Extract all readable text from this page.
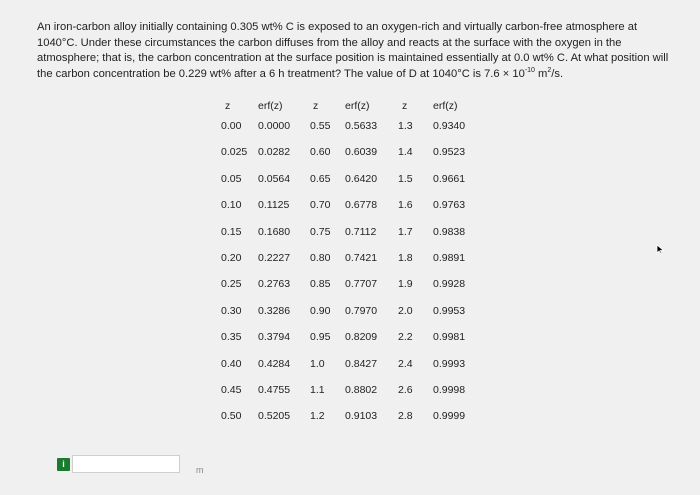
An iron-carbon alloy initially containing 0.305 wt% C is exposed to an oxygen-rich and virtually carbon-free atmosphere at 1040°C. Under these circumstances the carbon diffuses from the alloy and reacts at the surface with the oxygen in the atmosphere; that is, the carbon concentration at the surface position is maintained essentially at 0.0 wt% C. At what position will the carbon concentration be 0.229 wt% after a 6 h treatment? The value of D at 1040°C is $7.6 \times 10^{-10}$ $m^2/s$.
z	erf(z)	z	erf(z)	z erf(z)
0.00 0.0000 0.55 0.5633 1.3 0.9340
0.025 0.0282 0.60 0.6039 1.4 0.9523
0.05 0.0564 0.65 0.6420 1.5 0.9661
0.10 0.1125 0.70 0.6778 1.6 0.9763
0.15 0.1680 0.75 0.7112 1.7 0.9838
0.20 0.2227 0.80 0.7421 1.8 0.9891
0.25 0.2763 0.85 0.7707 1.9 0.9928
0.30 0.3286 0.90 0.7970 2.0 0.9953
0.35 0.3794 0.95 0.8209 2.2 0.9981
0.40 0.4284 1.0 0.8427 2.4 0.9993
0.45 0.4755 1.1 0.8802 2.6 0.9998
0.50 0.5205 1.2 0.9103 2.8 0.9999
i
m
